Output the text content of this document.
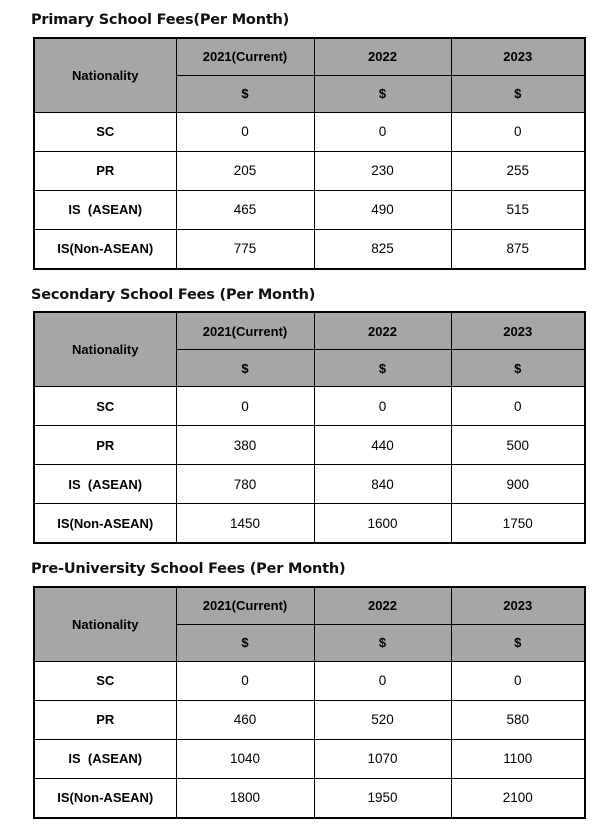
Primary School Fees(Per Month)
Nationality	2021(Current)	2022	2023
	$	$	$
SC	0	0	0
PR	205	230	255
IS  (ASEAN)	465	490	515
IS(Non-ASEAN)	775	825	875
Secondary School Fees (Per Month)
Nationality	2021(Current)	2022	2023
	$	$	$
SC	0	0	0
PR	380	440	500
IS  (ASEAN)	780	840	900
IS(Non-ASEAN)	1450	1600	1750
Pre-University School Fees (Per Month)
Nationality	2021(Current)	2022	2023
	$	$	$
SC	0	0	0
PR	460	520	580
IS  (ASEAN)	1040	1070	1100
IS(Non-ASEAN)	1800	1950	2100
